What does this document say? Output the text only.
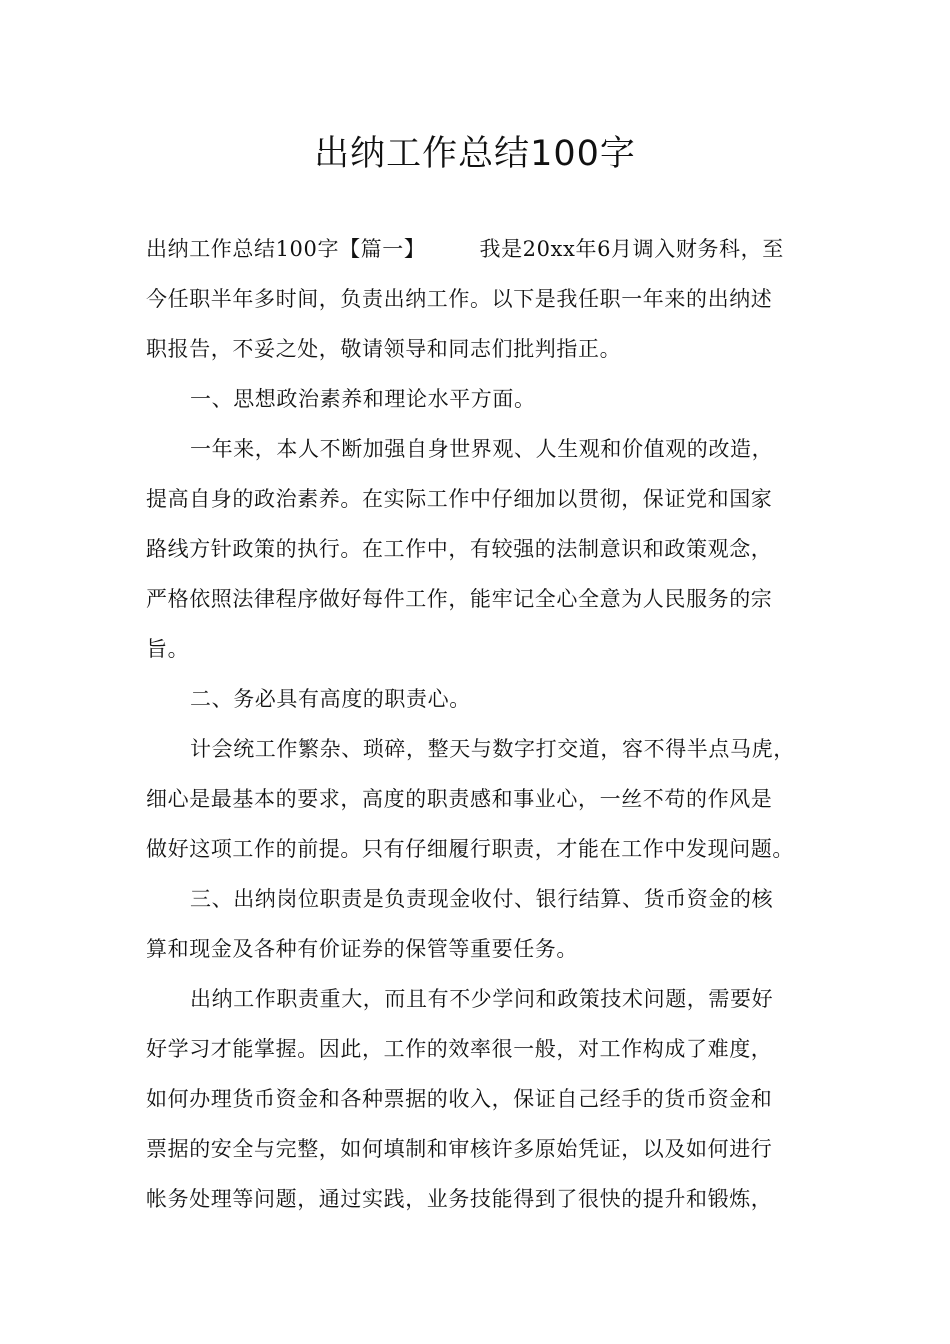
出纳工作总结100字
出纳工作总结100字【篇一】	我是20xx年6月调入财务科，至
今任职半年多时间，负责出纳工作。以下是我任职一年来的出纳述
职报告，不妥之处，敬请领导和同志们批判指正。
一、思想政治素养和理论水平方面。
一年来，本人不断加强自身世界观、人生观和价值观的改造，
提高自身的政治素养。在实际工作中仔细加以贯彻，保证党和国家
路线方针政策的执行。在工作中，有较强的法制意识和政策观念，
严格依照法律程序做好每件工作，能牢记全心全意为人民服务的宗
旨。
二、务必具有高度的职责心。
计会统工作繁杂、琐碎，整天与数字打交道，容不得半点马虎，
细心是最基本的要求，高度的职责感和事业心，一丝不苟的作风是
做好这项工作的前提。只有仔细履行职责，才能在工作中发现问题。
三、出纳岗位职责是负责现金收付、银行结算、货币资金的核
算和现金及各种有价证券的保管等重要任务。
出纳工作职责重大，而且有不少学问和政策技术问题，需要好
好学习才能掌握。因此，工作的效率很一般，对工作构成了难度，
如何办理货币资金和各种票据的收入，保证自己经手的货币资金和
票据的安全与完整，如何填制和审核许多原始凭证，以及如何进行
帐务处理等问题，通过实践，业务技能得到了很快的提升和锻炼，
